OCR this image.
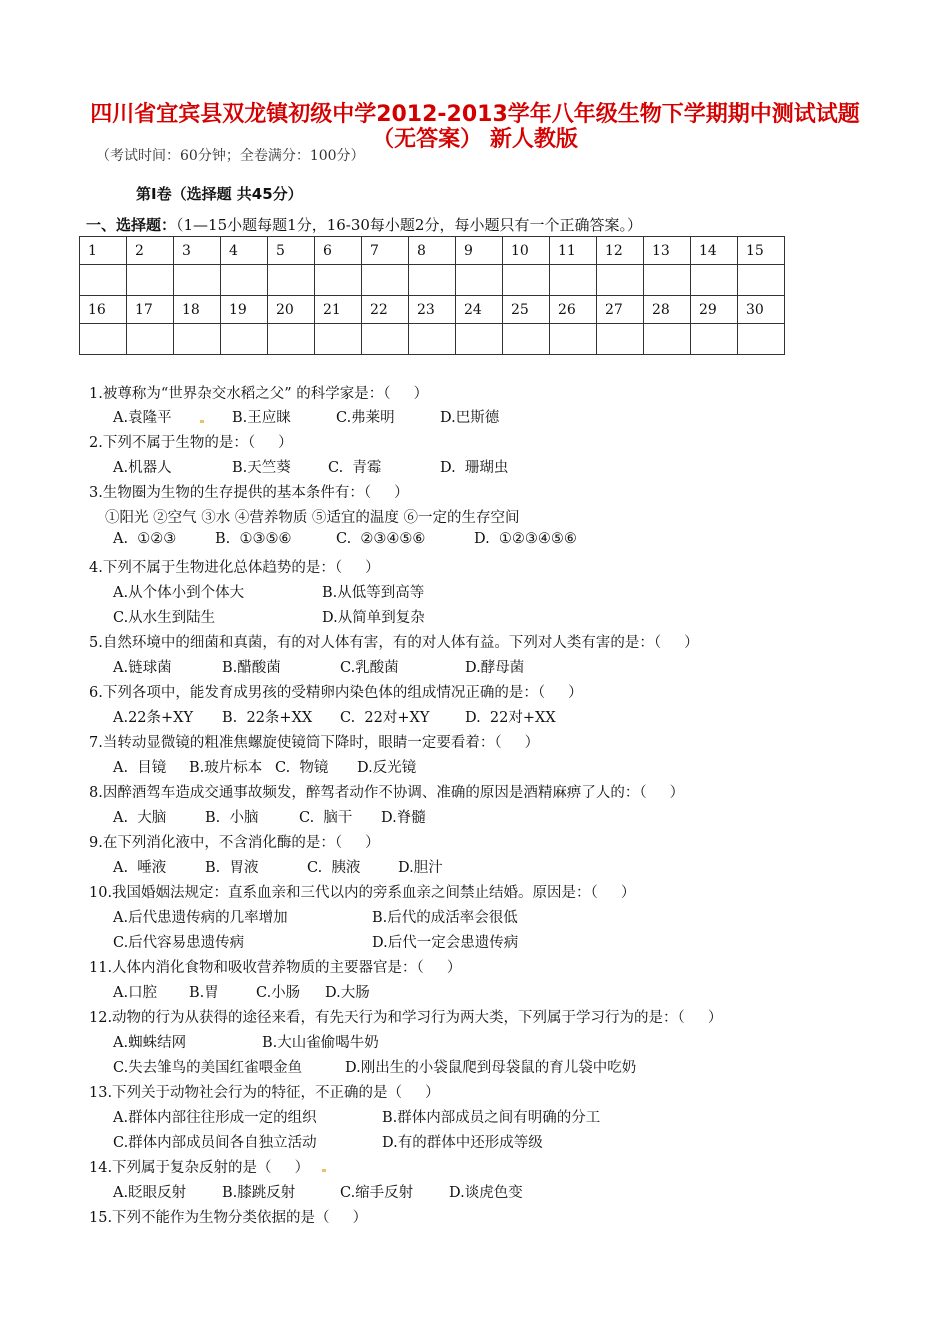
四川省宜宾县双龙镇初级中学2012-2013学年八年级生物下学期期中测试试题
（无答案） 新人教版
（考试时间：60分钟；全卷满分：100分）
第Ⅰ卷（选择题 共45分）
一、选择题：（1—15小题每题1分，16-30每小题2分，每小题只有一个正确答案。）
1	2	3	4	5	6	7	8	9	10	11	12	13	14	15

16	17	18	19	20	21	22	23	24	25	26	27	28	29	30

1.被尊称为“世界杂交水稻之父” 的科学家是：（     ）
A.袁隆平	B.王应睐	C.弗莱明	D.巴斯德
2.下列不属于生物的是：（     ）
A.机器人	B.天竺葵	C.  青霉	D.  珊瑚虫
3.生物圈为生物的生存提供的基本条件有：（     ）
①阳光 ②空气 ③水 ④营养物质 ⑤适宜的温度 ⑥一定的生存空间
A.  ①②③	B.  ①③⑤⑥	C.  ②③④⑤⑥	D.  ①②③④⑤⑥
4.下列不属于生物进化总体趋势的是：（     ）
A.从个体小到个体大	B.从低等到高等
C.从水生到陆生	D.从简单到复杂
5.自然环境中的细菌和真菌，有的对人体有害，有的对人体有益。下列对人类有害的是：（     ）
A.链球菌	B.醋酸菌	C.乳酸菌	D.酵母菌
6.下列各项中，能发育成男孩的受精卵内染色体的组成情况正确的是：（     ）
A.22条+XY B.  22条+XX C.  22对+XY D.  22对+XX
7.当转动显微镜的粗准焦螺旋使镜筒下降时，眼睛一定要看着：（     ）
A.  目镜 B.玻片标本 C.  物镜 D.反光镜
8.因醉酒驾车造成交通事故频发，醉驾者动作不协调、准确的原因是酒精麻痹了人的：（     ）
A.  大脑	B.  小脑	C.  脑干 D.脊髓
9.在下列消化液中，不含消化酶的是：（     ）
A.  唾液	B.  胃液	C.  胰液	D.胆汁
10.我国婚姻法规定：直系血亲和三代以内的旁系血亲之间禁止结婚。原因是：（     ）
A.后代患遗传病的几率增加	B.后代的成活率会很低
C.后代容易患遗传病	D.后代一定会患遗传病
11.人体内消化食物和吸收营养物质的主要器官是：（     ）
A.口腔 B.胃	C.小肠 D.大肠
12.动物的行为从获得的途径来看，有先天行为和学习行为两大类，下列属于学习行为的是：（     ）
A.蜘蛛结网	B.大山雀偷喝牛奶
C.失去雏鸟的美国红雀喂金鱼	D.刚出生的小袋鼠爬到母袋鼠的育儿袋中吃奶
13.下列关于动物社会行为的特征，不正确的是（     ）
A.群体内部往往形成一定的组织	B.群体内部成员之间有明确的分工
C.群体内部成员间各自独立活动	D.有的群体中还形成等级
14.下列属于复杂反射的是（     ）
A.眨眼反射 B.膝跳反射	C.缩手反射 D.谈虎色变
15.下列不能作为生物分类依据的是（     ）
